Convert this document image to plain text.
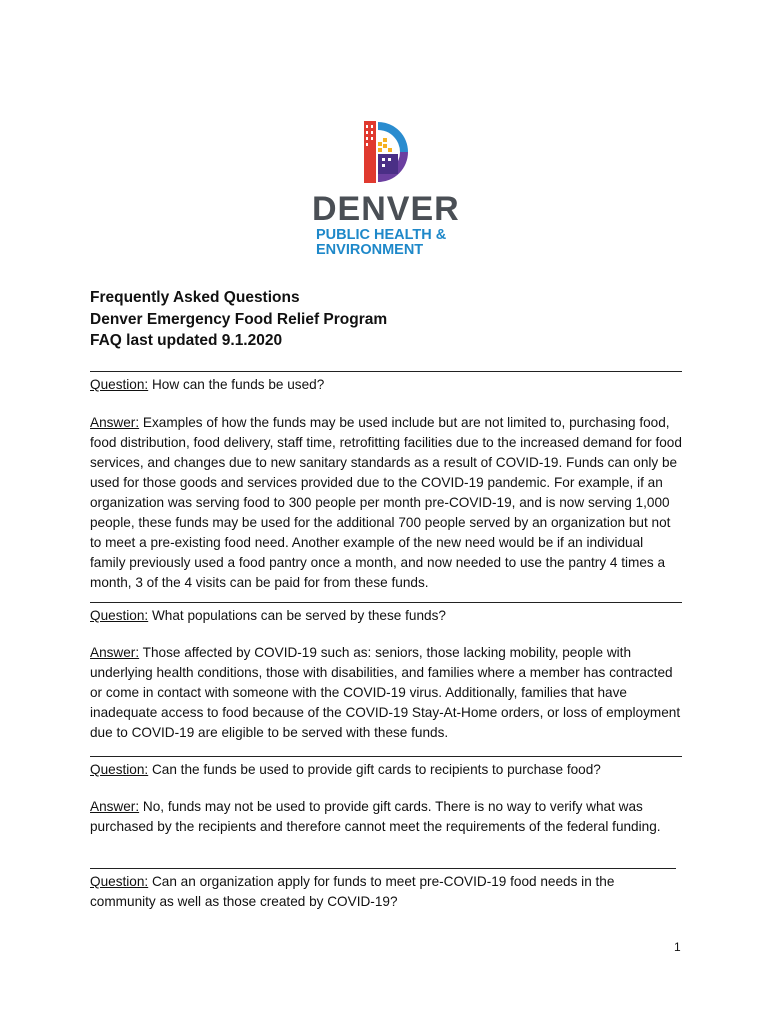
DENVER
PUBLIC HEALTH &
ENVIRONMENT
Frequently Asked Questions
Denver Emergency Food Relief Program
FAQ last updated 9.1.2020
Question: How can the funds be used?
Answer: Examples of how the funds may be used include but are not limited to, purchasing food, food distribution, food delivery, staff time, retrofitting facilities due to the increased demand for food services, and changes due to new sanitary standards as a result of COVID-19. Funds can only be used for those goods and services provided due to the COVID-19 pandemic. For example, if an organization was serving food to 300 people per month pre-COVID-19, and is now serving 1,000 people, these funds may be used for the additional 700 people served by an organization but not to meet a pre-existing food need. Another example of the new need would be if an individual family previously used a food pantry once a month, and now needed to use the pantry 4 times a month, 3 of the 4 visits can be paid for from these funds.
Question: What populations can be served by these funds?
Answer: Those affected by COVID-19 such as: seniors, those lacking mobility, people with underlying health conditions, those with disabilities, and families where a member has contracted or come in contact with someone with the COVID-19 virus. Additionally, families that have inadequate access to food because of the COVID-19 Stay-At-Home orders, or loss of employment due to COVID-19 are eligible to be served with these funds.
Question: Can the funds be used to provide gift cards to recipients to purchase food?
Answer: No, funds may not be used to provide gift cards. There is no way to verify what was purchased by the recipients and therefore cannot meet the requirements of the federal funding.
Question: Can an organization apply for funds to meet pre-COVID-19 food needs in the community as well as those created by COVID-19?
1
